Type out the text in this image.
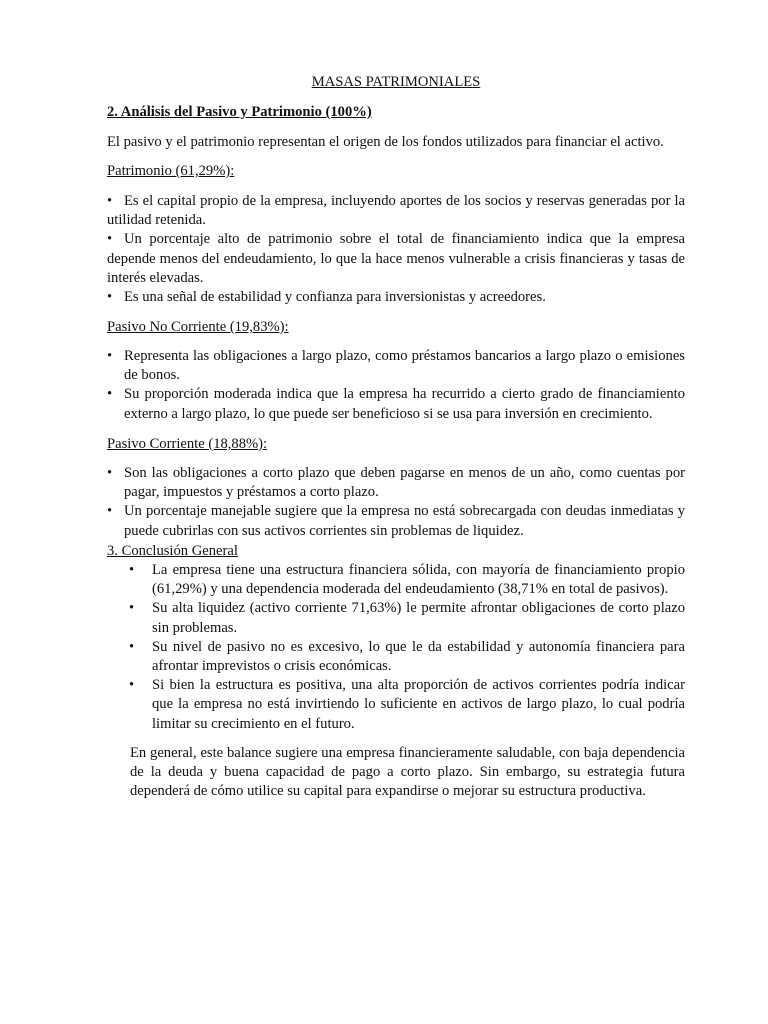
MASAS PATRIMONIALES
2. Análisis del Pasivo y Patrimonio (100%)
El pasivo y el patrimonio representan el origen de los fondos utilizados para financiar el activo.
Patrimonio (61,29%):
• Es el capital propio de la empresa, incluyendo aportes de los socios y reservas generadas por la utilidad retenida.
• Un porcentaje alto de patrimonio sobre el total de financiamiento indica que la empresa depende menos del endeudamiento, lo que la hace menos vulnerable a crisis financieras y tasas de interés elevadas.
• Es una señal de estabilidad y confianza para inversionistas y acreedores.
Pasivo No Corriente (19,83%):
• Representa las obligaciones a largo plazo, como préstamos bancarios a largo plazo o emisiones de bonos.
• Su proporción moderada indica que la empresa ha recurrido a cierto grado de financiamiento externo a largo plazo, lo que puede ser beneficioso si se usa para inversión en crecimiento.
Pasivo Corriente (18,88%):
• Son las obligaciones a corto plazo que deben pagarse en menos de un año, como cuentas por pagar, impuestos y préstamos a corto plazo.
• Un porcentaje manejable sugiere que la empresa no está sobrecargada con deudas inmediatas y puede cubrirlas con sus activos corrientes sin problemas de liquidez.
3. Conclusión General
• La empresa tiene una estructura financiera sólida, con mayoría de financiamiento propio (61,29%) y una dependencia moderada del endeudamiento (38,71% en total de pasivos).
• Su alta liquidez (activo corriente 71,63%) le permite afrontar obligaciones de corto plazo sin problemas.
• Su nivel de pasivo no es excesivo, lo que le da estabilidad y autonomía financiera para afrontar imprevistos o crisis económicas.
• Si bien la estructura es positiva, una alta proporción de activos corrientes podría indicar que la empresa no está invirtiendo lo suficiente en activos de largo plazo, lo cual podría limitar su crecimiento en el futuro.
En general, este balance sugiere una empresa financieramente saludable, con baja dependencia de la deuda y buena capacidad de pago a corto plazo. Sin embargo, su estrategia futura dependerá de cómo utilice su capital para expandirse o mejorar su estructura productiva.
